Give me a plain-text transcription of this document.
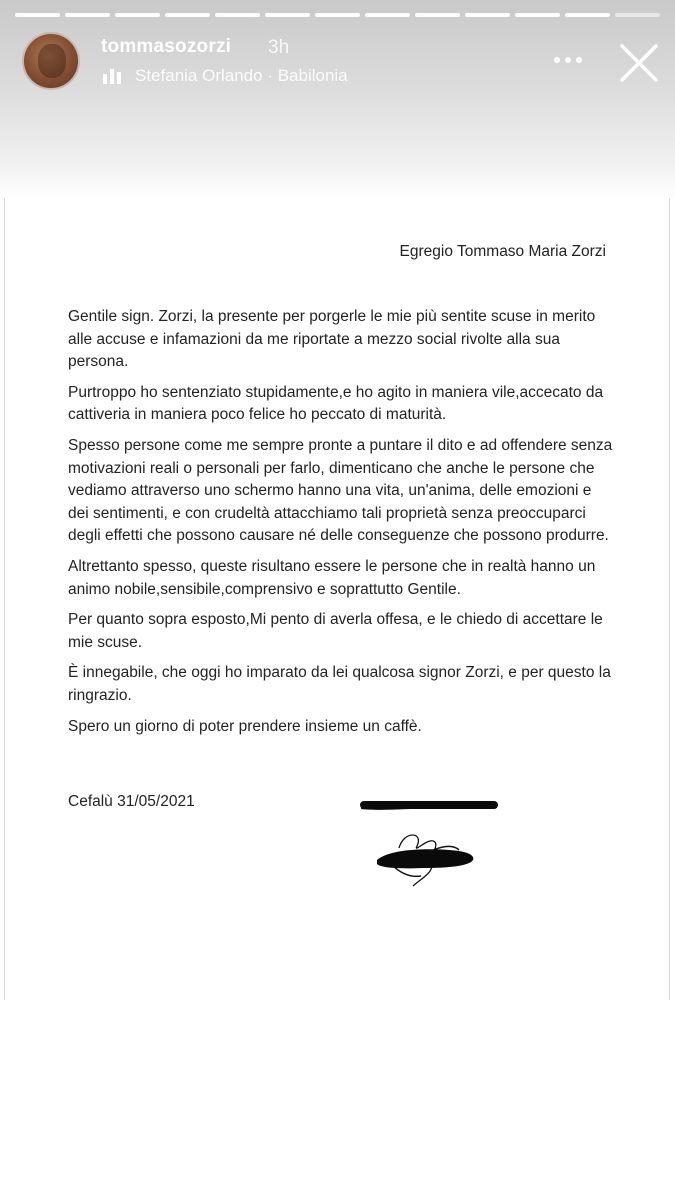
tommasozorzi 3h
Stefania Orlando · Babilonia
Egregio Tommaso Maria Zorzi

Gentile sign. Zorzi, la presente per porgerle le mie più sentite scuse in merito alle accuse e infamazioni da me riportate a mezzo social rivolte alla sua persona.

Purtroppo ho sentenziato stupidamente,e ho agito in maniera vile,accecato da cattiveria in maniera poco felice ho peccato di maturità.

Spesso persone come me sempre pronte a puntare il dito e ad offendere senza motivazioni reali o personali per farlo, dimenticano che anche le persone che vediamo attraverso uno schermo hanno una vita, un'anima, delle emozioni e dei sentimenti, e con crudeltà attacchiamo tali proprietà senza preoccuparci degli effetti che possono causare né delle conseguenze che possono produrre.

Altrettanto spesso, queste risultano essere le persone che in realtà hanno un animo nobile,sensibile,comprensivo e soprattutto Gentile.

Per quanto sopra esposto,Mi pento di averla offesa, e le chiedo di accettare le mie scuse.

È innegabile, che oggi ho imparato da lei qualcosa signor Zorzi, e per questo la ringrazio.

Spero un giorno di poter prendere insieme un caffè.

Cefalù 31/05/2021
